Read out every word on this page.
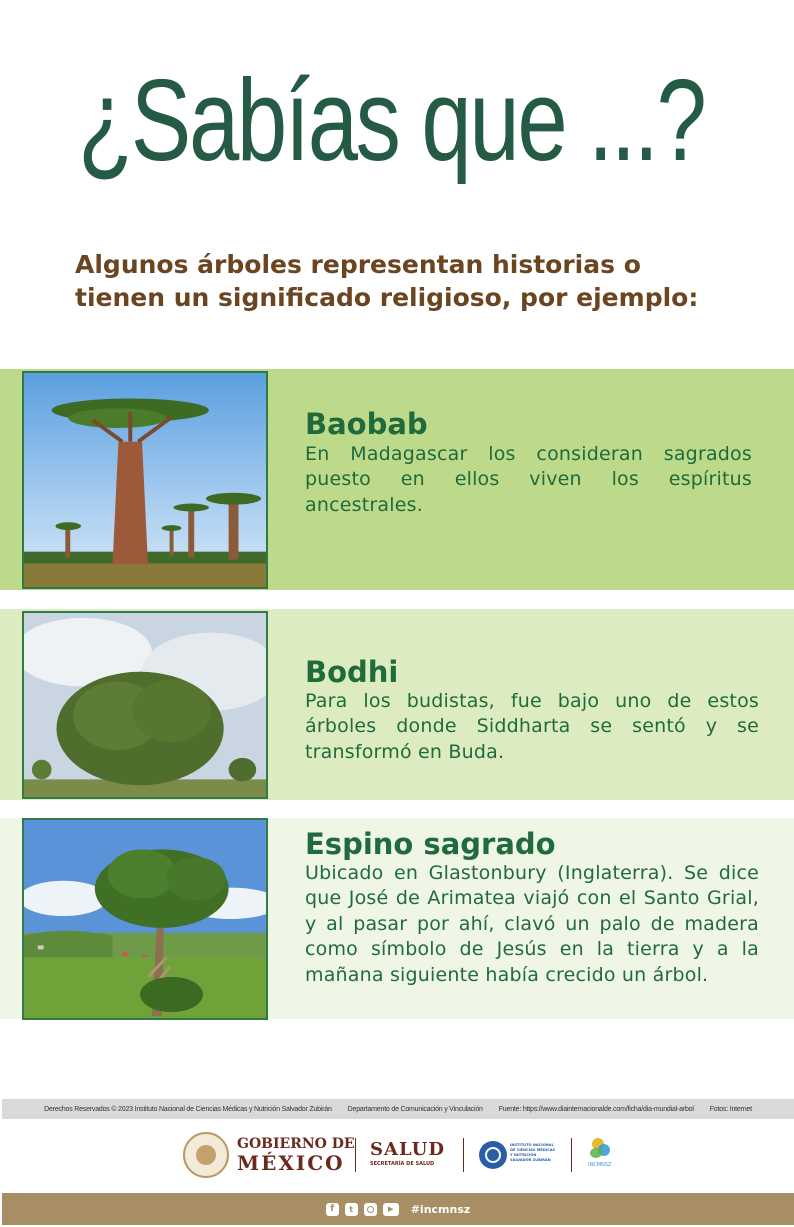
¿Sabías que ...?
Algunos árboles representan historias o tienen un significado religioso, por ejemplo:
Baobab
En Madagascar los consideran sagrados puesto en ellos viven los espíritus ancestrales.
Bodhi
Para los budistas, fue bajo uno de estos árboles donde Siddharta se sentó y se transformó en Buda.
Espino sagrado
Ubicado en Glastonbury (Inglaterra). Se dice que José de Arimatea viajó con el Santo Grial, y al pasar por ahí, clavó un palo de madera como símbolo de Jesús en la tierra y a la mañana siguiente había crecido un árbol.
Derechos Reservados © 2023 Instituto Nacional de Ciencias Médicas y Nutrición Salvador Zubirán Departamento de Comunicación y Vinculación Fuente: https://www.diainternacionalde.com/ficha/dia-mundial-arbol Fotos: Internet
GOBIERNO DE
MÉXICO
SALUD
SECRETARÍA DE SALUD
INSTITUTO NACIONAL DE CIENCIAS MÉDICAS Y NUTRICIÓN SALVADOR ZUBIRÁN
INCMNSZ
f	t	▶	#incmnsz
